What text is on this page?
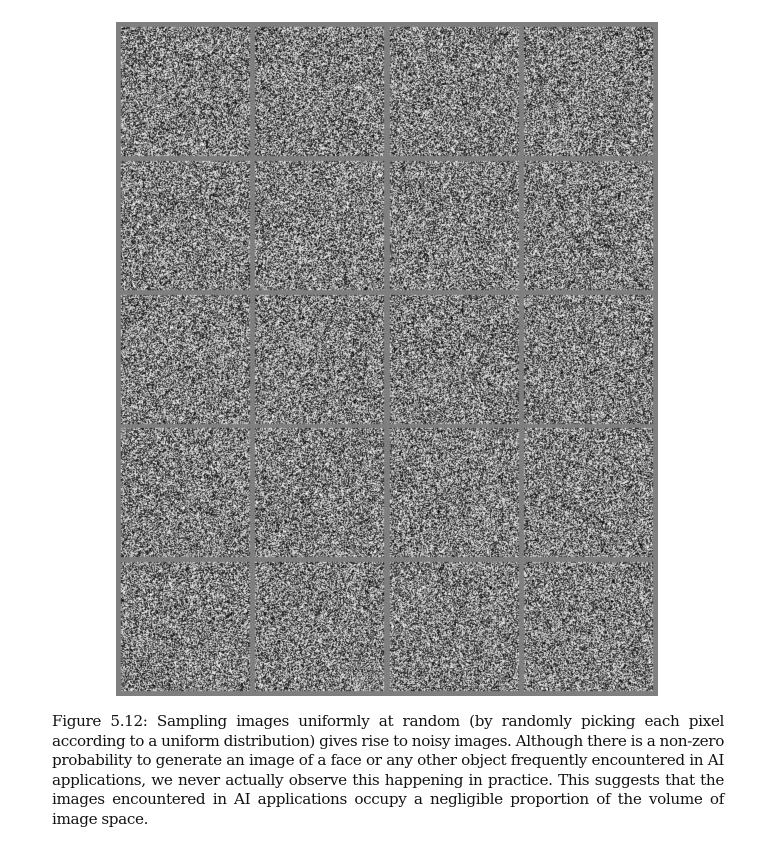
Figure 5.12: Sampling images uniformly at random (by randomly picking each pixel according to a uniform distribution) gives rise to noisy images. Although there is a non-zero probability to generate an image of a face or any other object frequently encountered in AI applications, we never actually observe this happening in practice. This suggests that the images encountered in AI applications occupy a negligible proportion of the volume of image space.
